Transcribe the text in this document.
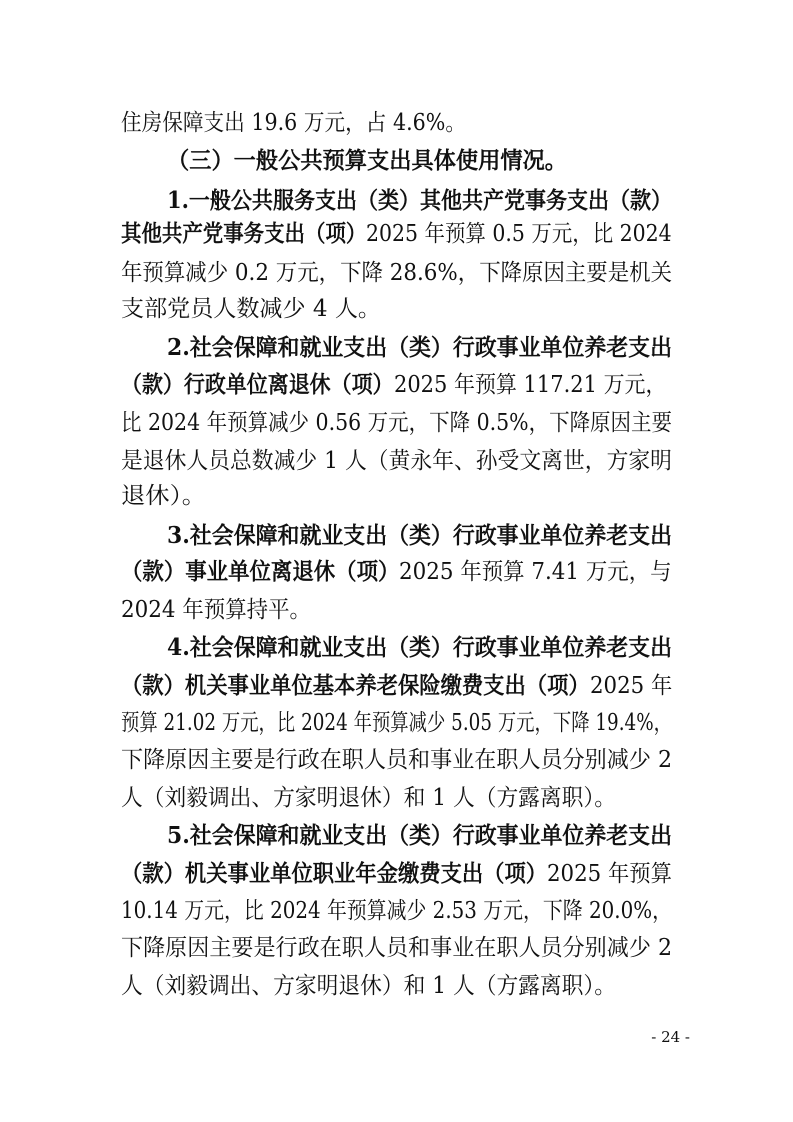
住房保障支出 19.6 万元，占 4.6%。
（三）一般公共预算支出具体使用情况。
1.一般公共服务支出（类）其他共产党事务支出（款）
其他共产党事务支出（项） 2025 年预算 0.5 万元，比 2024
年预算减少 0.2 万元，下降 28.6%，下降原因主要是机关
支部党员人数减少 4 人。
2.社会保障和就业支出（类）行政事业单位养老支出
（款）行政单位离退休（项） 2025 年预算 117.21 万元，
比 2024 年预算减少 0.56 万元，下降 0.5%，下降原因主要
是退休人员总数减少 1 人（黄永年、孙受文离世，方家明
退休）。
3.社会保障和就业支出（类）行政事业单位养老支出
（款）事业单位离退休（项） 2025 年预算 7.41 万元，与
2024 年预算持平。
4.社会保障和就业支出（类）行政事业单位养老支出
（款）机关事业单位基本养老保险缴费支出（项） 2025 年
预算 21.02 万元，比 2024 年预算减少 5.05 万元，下降 19.4%，
下降原因主要是行政在职人员和事业在职人员分别减少 2
人（刘毅调出、方家明退休）和 1 人（方露离职）。
5.社会保障和就业支出（类）行政事业单位养老支出
（款）机关事业单位职业年金缴费支出（项） 2025 年预算
10.14 万元，比 2024 年预算减少 2.53 万元，下降 20.0%，
下降原因主要是行政在职人员和事业在职人员分别减少 2
人（刘毅调出、方家明退休）和 1 人（方露离职）。
- 24 -
